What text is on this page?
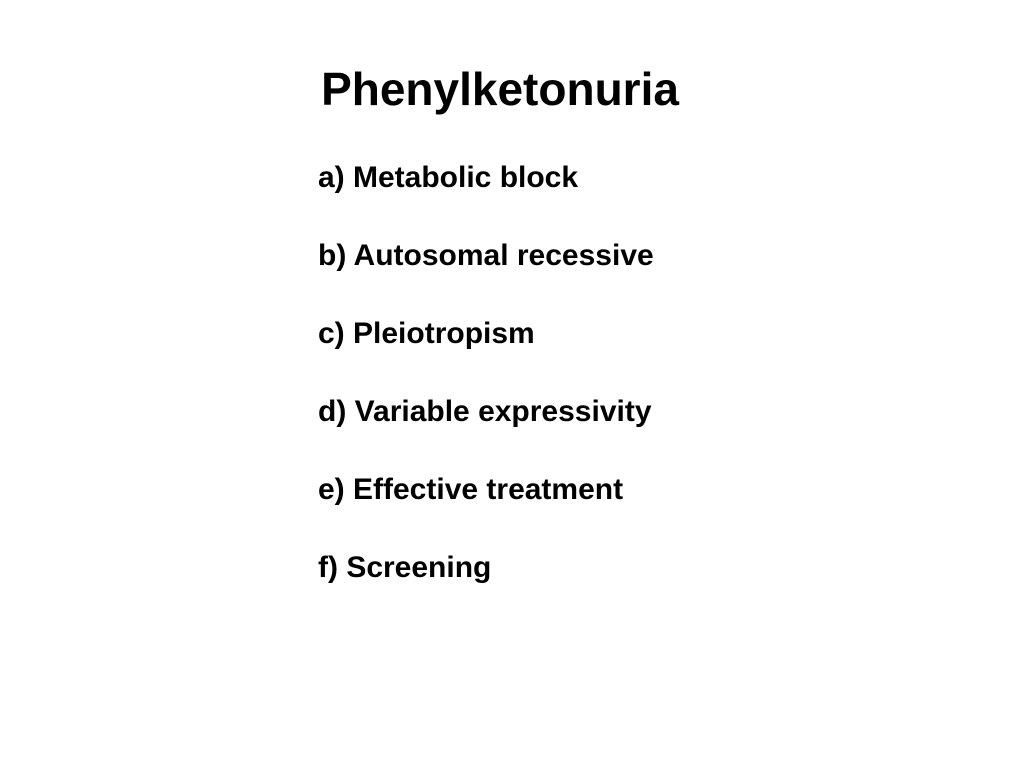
Phenylketonuria
a) Metabolic block
b) Autosomal recessive
c) Pleiotropism
d) Variable expressivity
e) Effective treatment
f) Screening
